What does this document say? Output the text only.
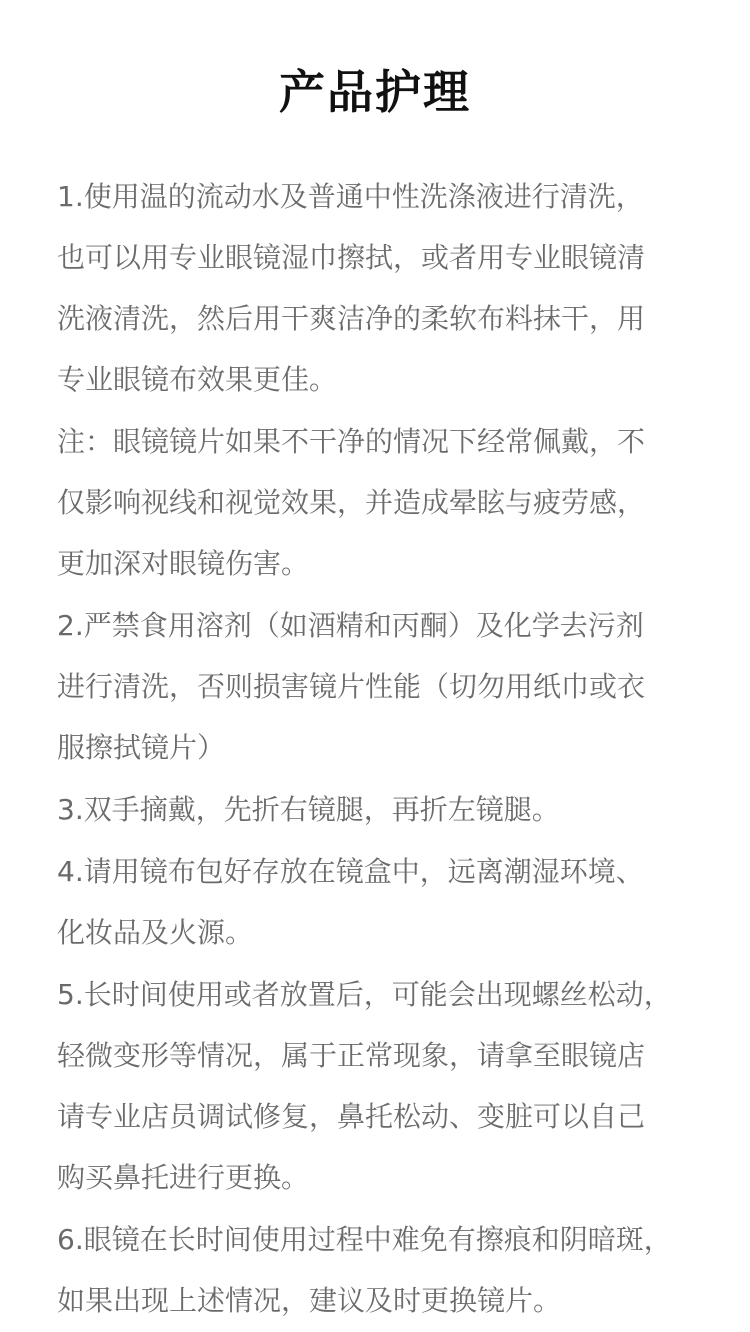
产品护理

1.使用温的流动水及普通中性洗涤液进行清洗，
也可以用专业眼镜湿巾擦拭，或者用专业眼镜清
洗液清洗，然后用干爽洁净的柔软布料抹干，用
专业眼镜布效果更佳。

注：眼镜镜片如果不干净的情况下经常佩戴，不
仅影响视线和视觉效果，并造成晕眩与疲劳感，
更加深对眼镜伤害。

2.严禁食用溶剂（如酒精和丙酮）及化学去污剂
进行清洗，否则损害镜片性能（切勿用纸巾或衣
服擦拭镜片）

3.双手摘戴，先折右镜腿，再折左镜腿。

4.请用镜布包好存放在镜盒中，远离潮湿环境、
化妆品及火源。

5.长时间使用或者放置后，可能会出现螺丝松动，
轻微变形等情况，属于正常现象，请拿至眼镜店
请专业店员调试修复，鼻托松动、变脏可以自己
购买鼻托进行更换。

6.眼镜在长时间使用过程中难免有擦痕和阴暗斑，
如果出现上述情况，建议及时更换镜片。
